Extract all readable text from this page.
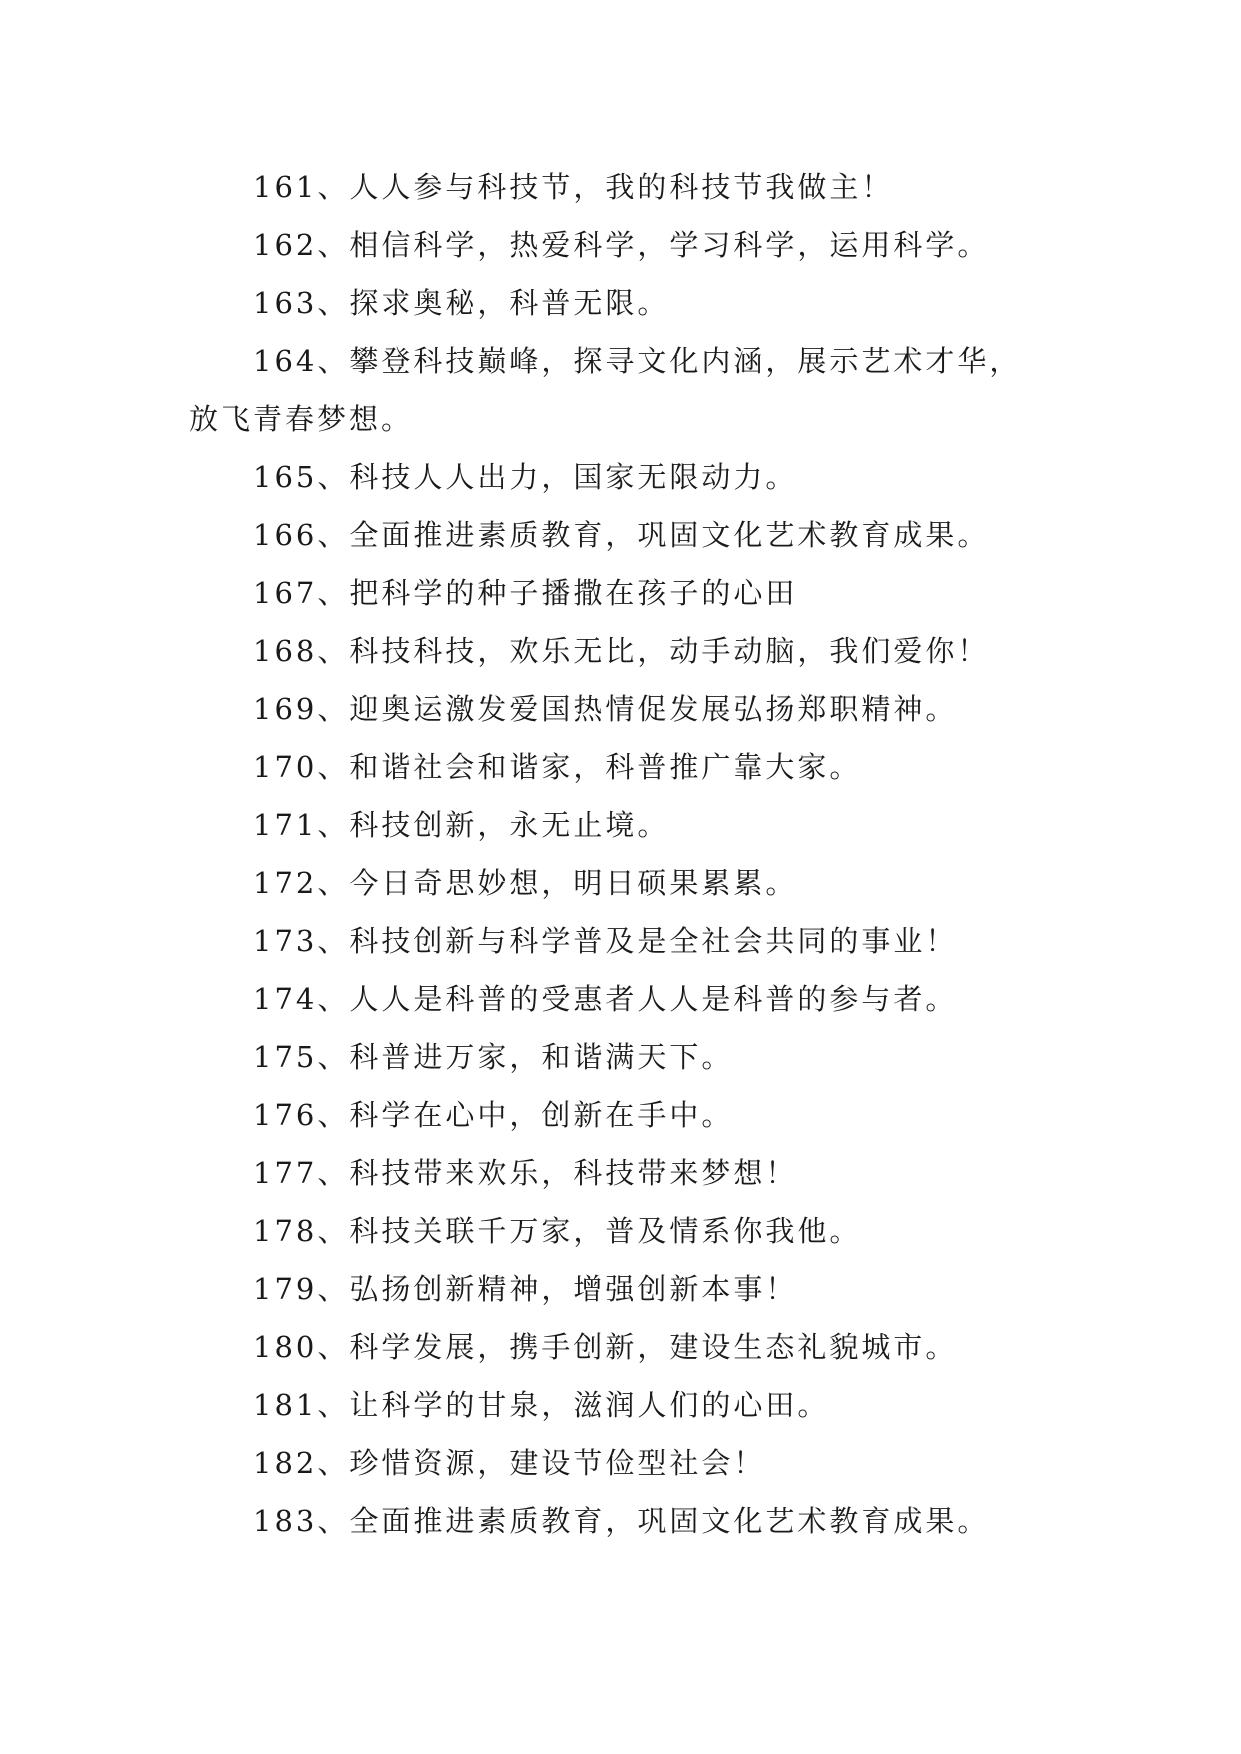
161、人人参与科技节，我的科技节我做主！

162、相信科学，热爱科学，学习科学，运用科学。

163、探求奥秘，科普无限。

164、攀登科技巅峰，探寻文化内涵，展示艺术才华，放飞青春梦想。

165、科技人人出力，国家无限动力。

166、全面推进素质教育，巩固文化艺术教育成果。

167、把科学的种子播撒在孩子的心田

168、科技科技，欢乐无比，动手动脑，我们爱你！

169、迎奥运激发爱国热情促发展弘扬郑职精神。

170、和谐社会和谐家，科普推广靠大家。

171、科技创新，永无止境。

172、今日奇思妙想，明日硕果累累。

173、科技创新与科学普及是全社会共同的事业！

174、人人是科普的受惠者人人是科普的参与者。

175、科普进万家，和谐满天下。

176、科学在心中，创新在手中。

177、科技带来欢乐，科技带来梦想！

178、科技关联千万家，普及情系你我他。

179、弘扬创新精神，增强创新本事！

180、科学发展，携手创新，建设生态礼貌城市。

181、让科学的甘泉，滋润人们的心田。

182、珍惜资源，建设节俭型社会！

183、全面推进素质教育，巩固文化艺术教育成果。
